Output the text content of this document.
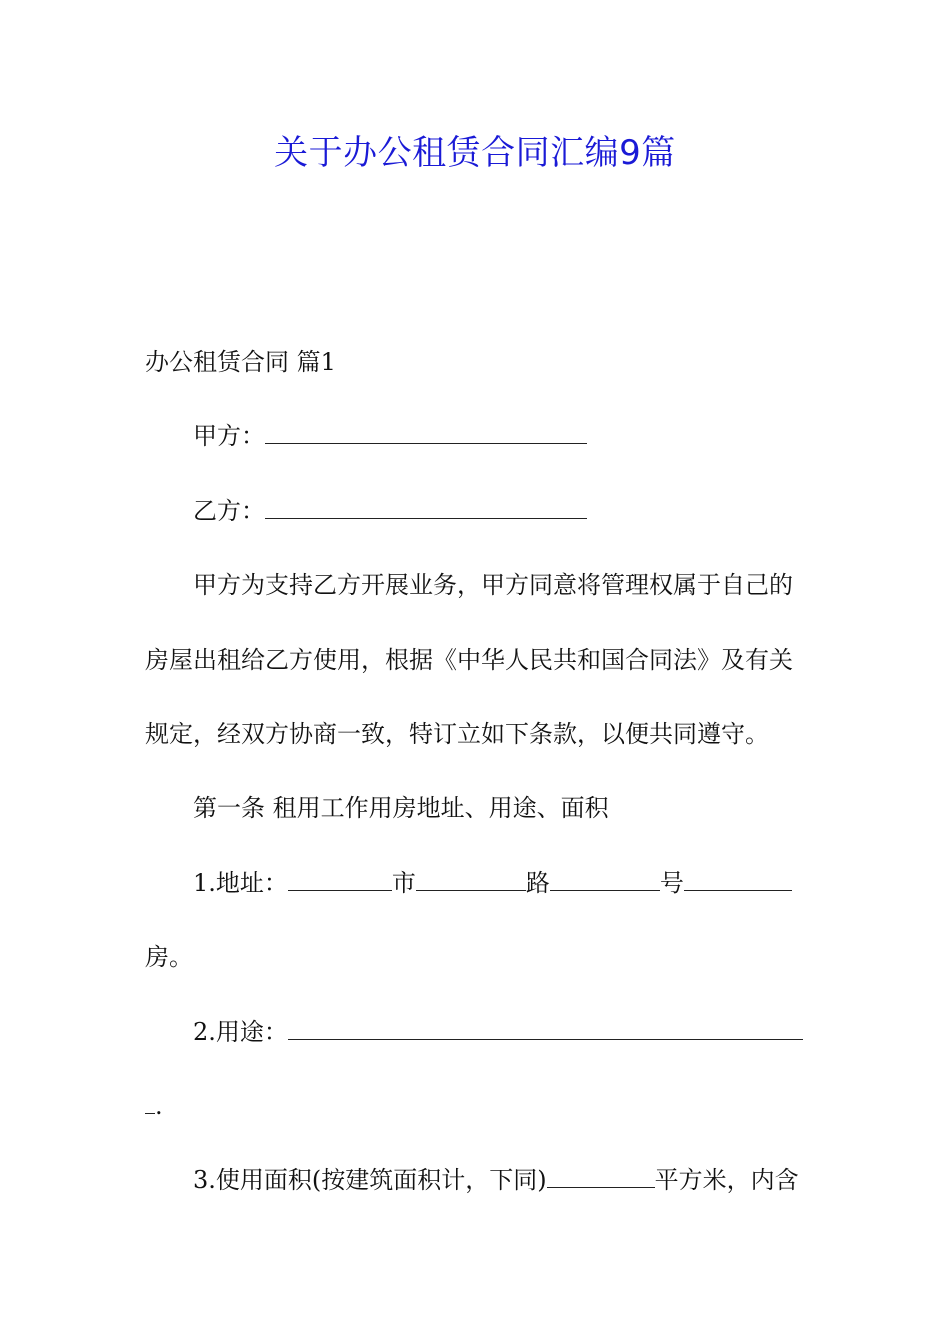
关于办公租赁合同汇编9篇
办公租赁合同 篇1
甲方：
乙方：
甲方为支持乙方开展业务，甲方同意将管理权属于自己的
房屋出租给乙方使用，根据《中华人民共和国合同法》及有关
规定，经双方协商一致，特订立如下条款，以便共同遵守。
第一条 租用工作用房地址、用途、面积
1.地址：	市	路	号
房。
2.用途：
.
3.使用面积(按建筑面积计，下同)	平方米，内含
